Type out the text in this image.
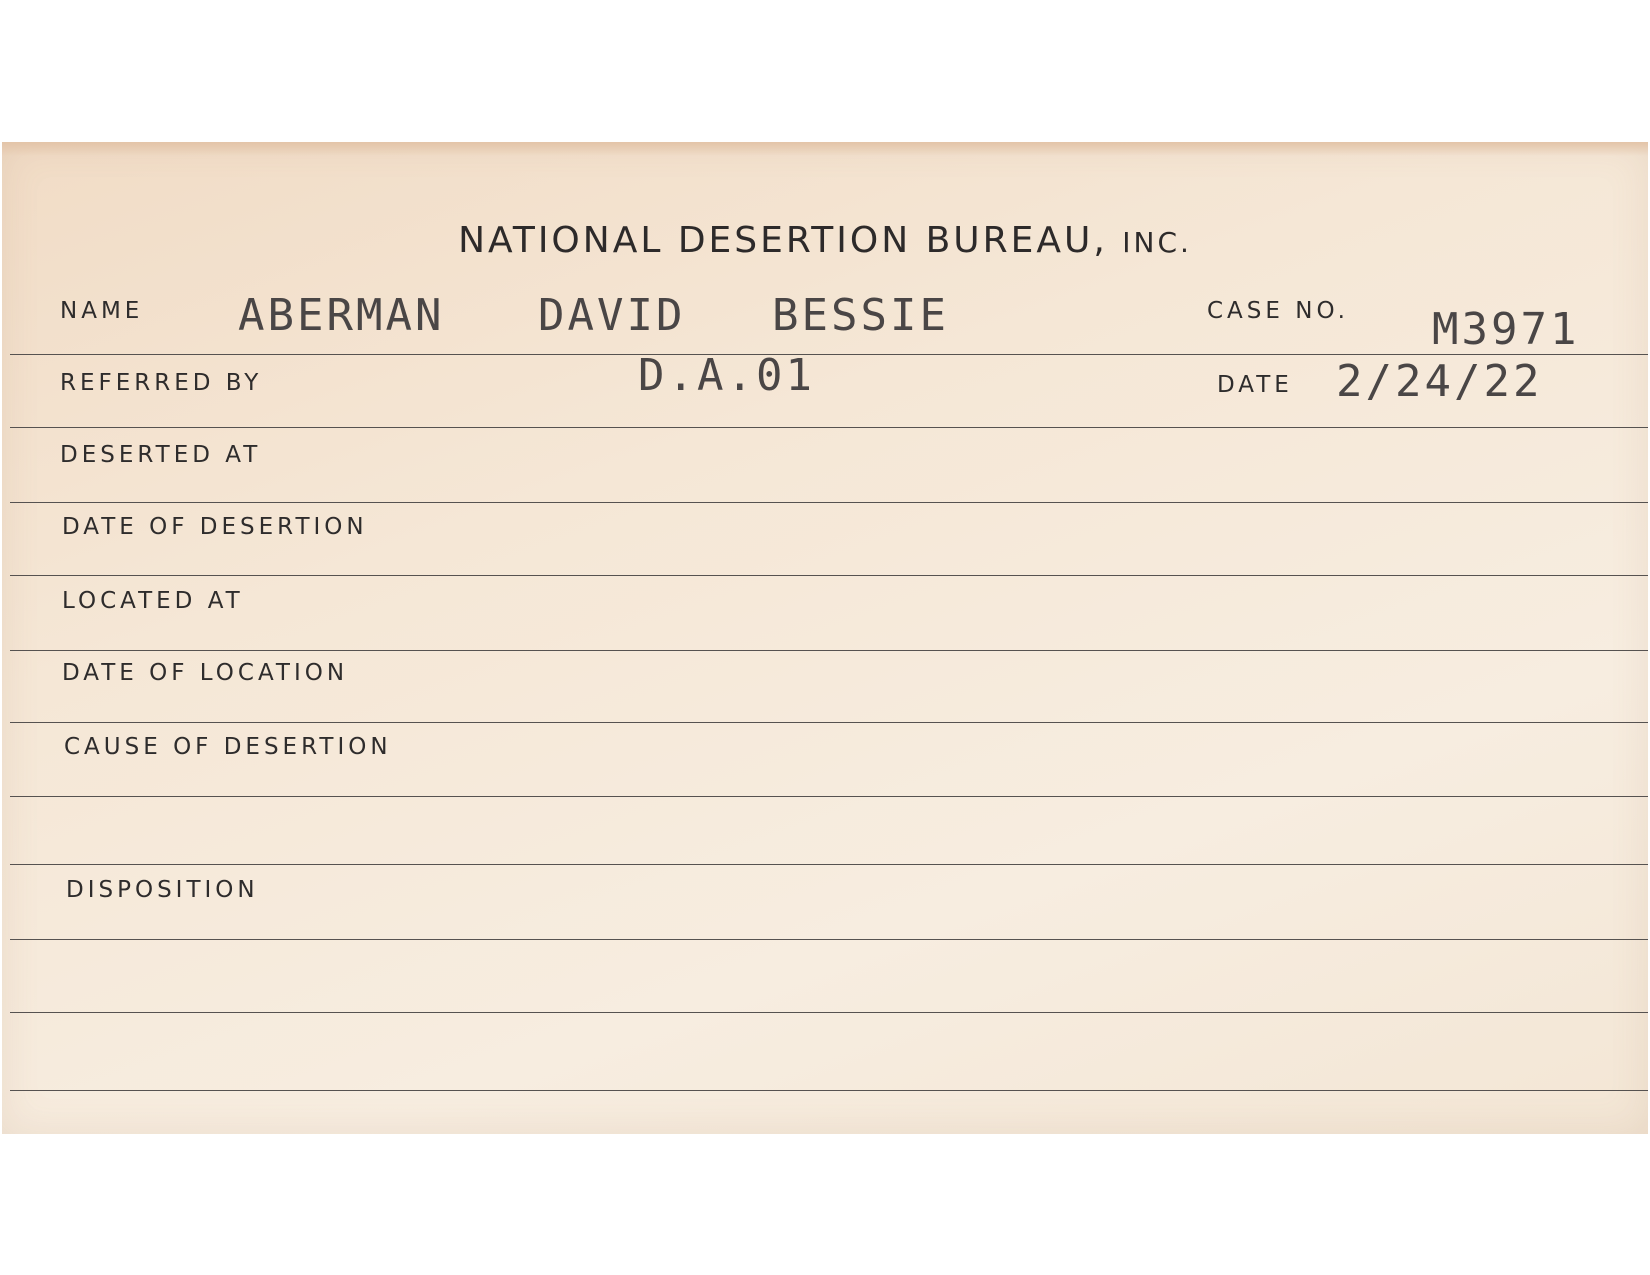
NATIONAL DESERTION BUREAU, INC.
NAME ABERMAN DAVID BESSIE	CASE NO. M3971
REFERRED BY	D.A.01	DATE 2/24/22
DESERTED AT
DATE OF DESERTION
LOCATED AT
DATE OF LOCATION
CAUSE OF DESERTION
DISPOSITION
